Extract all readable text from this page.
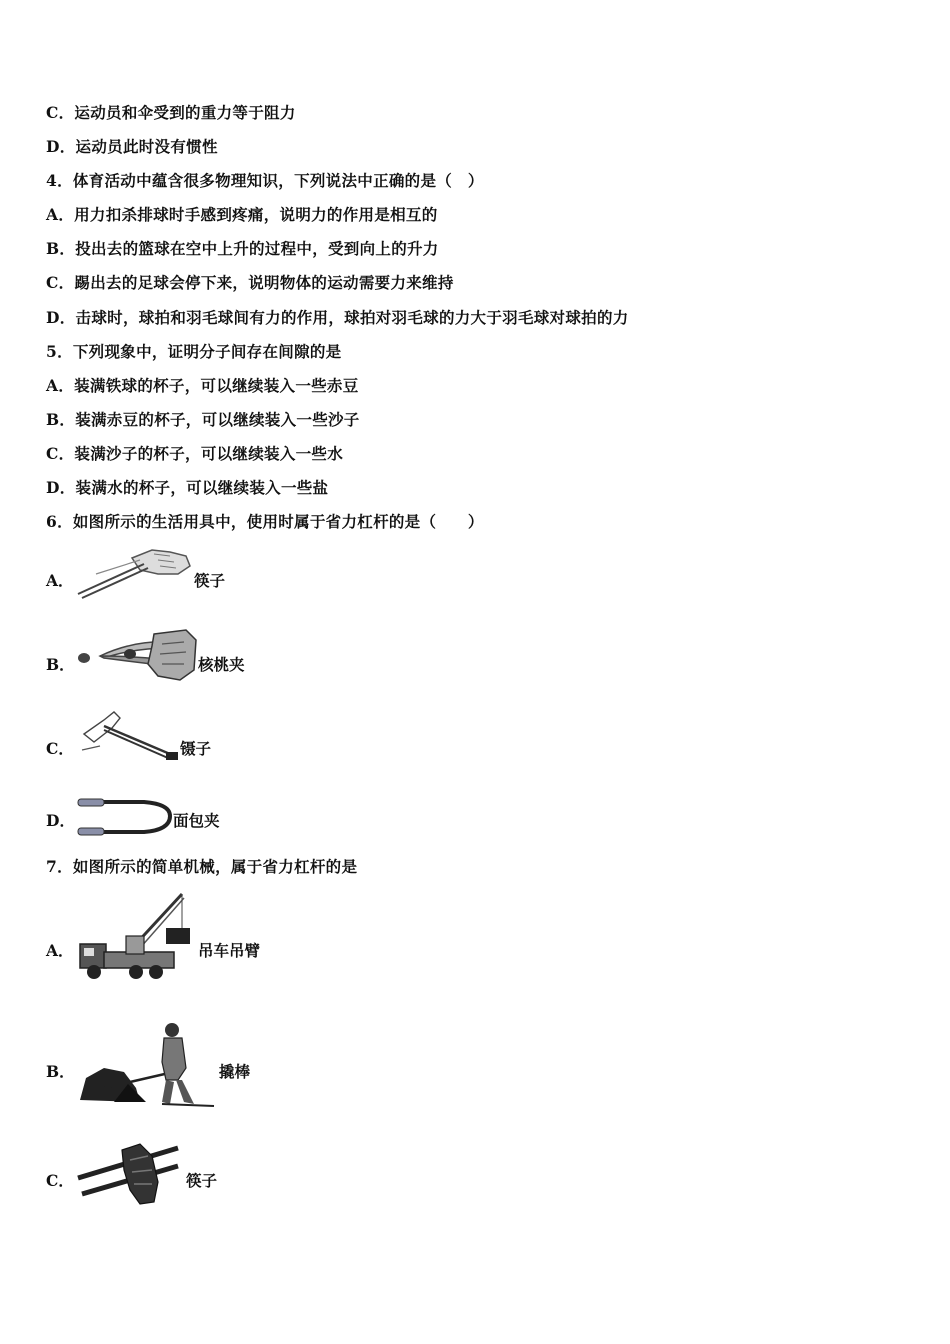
C．运动员和伞受到的重力等于阻力
D．运动员此时没有惯性
4．体育活动中蕴含很多物理知识，下列说法中正确的是（　）
A．用力扣杀排球时手感到疼痛，说明力的作用是相互的
B．投出去的篮球在空中上升的过程中，受到向上的升力
C．踢出去的足球会停下来，说明物体的运动需要力来维持
D．击球时，球拍和羽毛球间有力的作用，球拍对羽毛球的力大于羽毛球对球拍的力
5．下列现象中，证明分子间存在间隙的是
A．装满铁球的杯子，可以继续装入一些赤豆
B．装满赤豆的杯子，可以继续装入一些沙子
C．装满沙子的杯子，可以继续装入一些水
D．装满水的杯子，可以继续装入一些盐
6．如图所示的生活用具中，使用时属于省力杠杆的是（　　）
A．	筷子
B．	核桃夹
C．	镊子
D．	面包夹
7．如图所示的简单机械，属于省力杠杆的是
A．	吊车吊臂
B．	撬棒
C．	筷子
